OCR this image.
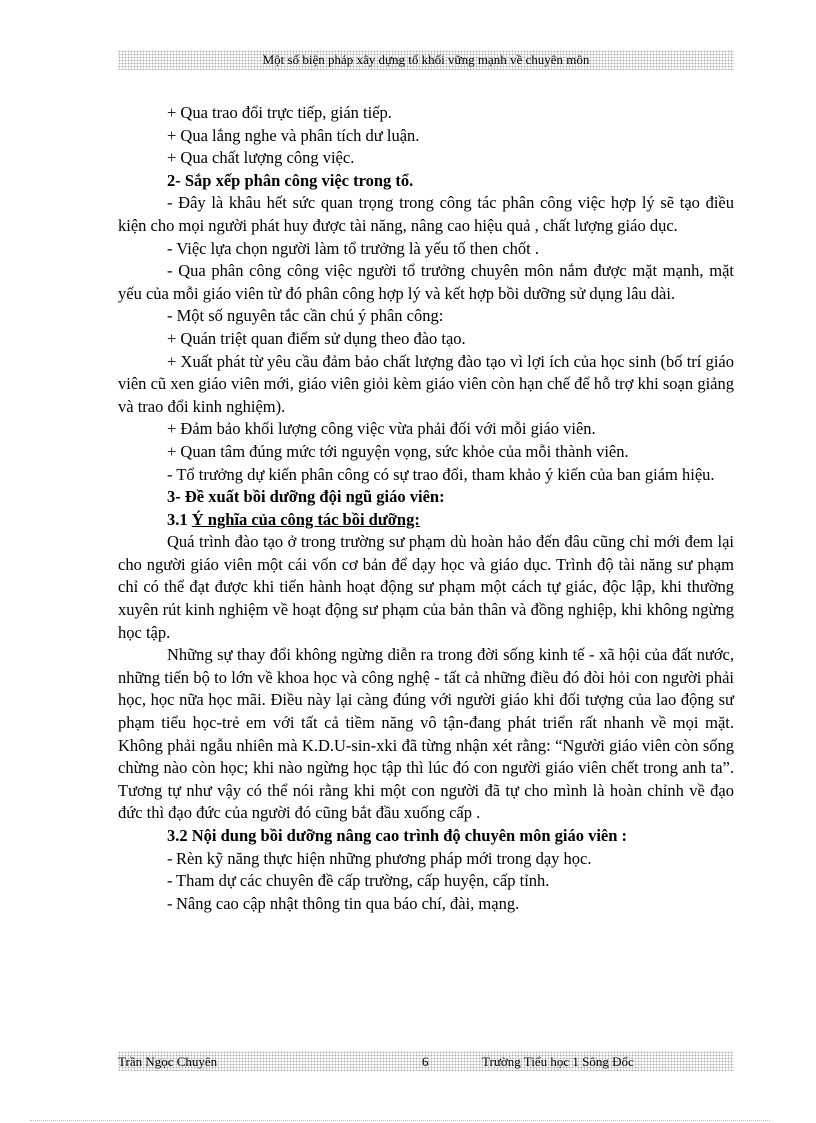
Một số biện pháp xây dựng tổ khối vững mạnh về chuyên môn

+ Qua trao đổi trực tiếp, gián tiếp.

+ Qua lắng nghe và phân tích dư luận.

+ Qua chất lượng công việc.

2- Sắp xếp phân công việc trong tổ.

- Đây là khâu hết sức quan trọng trong công tác phân công việc hợp lý sẽ tạo điều kiện cho mọi người phát huy được tài năng, nâng cao hiệu quả , chất lượng giáo dục.

- Việc lựa chọn người làm tổ trưởng là yếu tố then chốt .

- Qua phân công công việc người tổ trưởng chuyên môn nắm được mặt mạnh, mặt yếu của mỗi giáo viên từ đó phân công hợp lý và kết hợp bồi dưỡng sử dụng lâu dài.

- Một số nguyên tắc cần chú ý phân công:

+ Quán triệt quan điểm sử dụng theo đào tạo.

+ Xuất phát từ yêu cầu đảm bảo chất lượng đào tạo vì lợi ích của học sinh (bố trí giáo viên cũ xen giáo viên mới, giáo viên giỏi kèm giáo viên còn hạn chế để hỗ trợ khi soạn giảng và trao đổi kinh nghiệm).

+ Đảm bảo khối lượng công việc vừa phải đối với mỗi giáo viên.

+ Quan tâm đúng mức tới nguyện vọng, sức khỏe của mỗi thành viên.

- Tổ trưởng dự kiến phân công có sự trao đổi, tham khảo ý kiến của ban giám hiệu.

3- Đề xuất bồi dưỡng đội ngũ giáo viên:

3.1 Ý nghĩa của công tác bồi dưỡng:

Quá trình đào tạo ở trong trường sư phạm dù hoàn hảo đến đâu cũng chỉ mới đem lại cho người giáo viên một cái vốn cơ bản để dạy học và giáo dục. Trình độ tài năng sư phạm chỉ có thể đạt được khi tiến hành hoạt động sư phạm một cách tự giác, độc lập, khi thường xuyên rút kinh nghiệm về hoạt động sư phạm của bản thân và đồng nghiệp, khi không ngừng học tập.

Những sự thay đổi không ngừng diễn ra trong đời sống kinh tế - xã hội của đất nước, những tiến bộ to lớn về khoa học và công nghệ - tất cả những điều đó đòi hỏi con người phải học, học nữa học mãi. Điều này lại càng đúng với người giáo khi đối tượng của lao động sư phạm tiểu học-trẻ em với tất cả tiềm năng vô tận-đang phát triển rất nhanh về mọi mặt. Không phải ngẫu nhiên mà K.D.U-sin-xki đã từng nhận xét rằng: “Người giáo viên còn sống chừng nào còn học; khi nào ngừng học tập thì lúc đó con người giáo viên chết trong anh ta”. Tương tự như vậy có thể nói rằng khi một con người đã tự cho mình là hoàn chỉnh về đạo đức thì đạo đức của người đó cũng bắt đầu xuống cấp .

3.2 Nội dung bồi dưỡng nâng cao trình độ chuyên môn giáo viên :

- Rèn kỹ năng thực hiện những phương pháp mới trong dạy học.

- Tham dự các chuyên đề cấp trường, cấp huyện, cấp tỉnh.

- Nâng cao cập nhật thông tin qua báo chí, đài, mạng.

Trần Ngọc Chuyên	6	Trường Tiểu học 1 Sông Đốc
